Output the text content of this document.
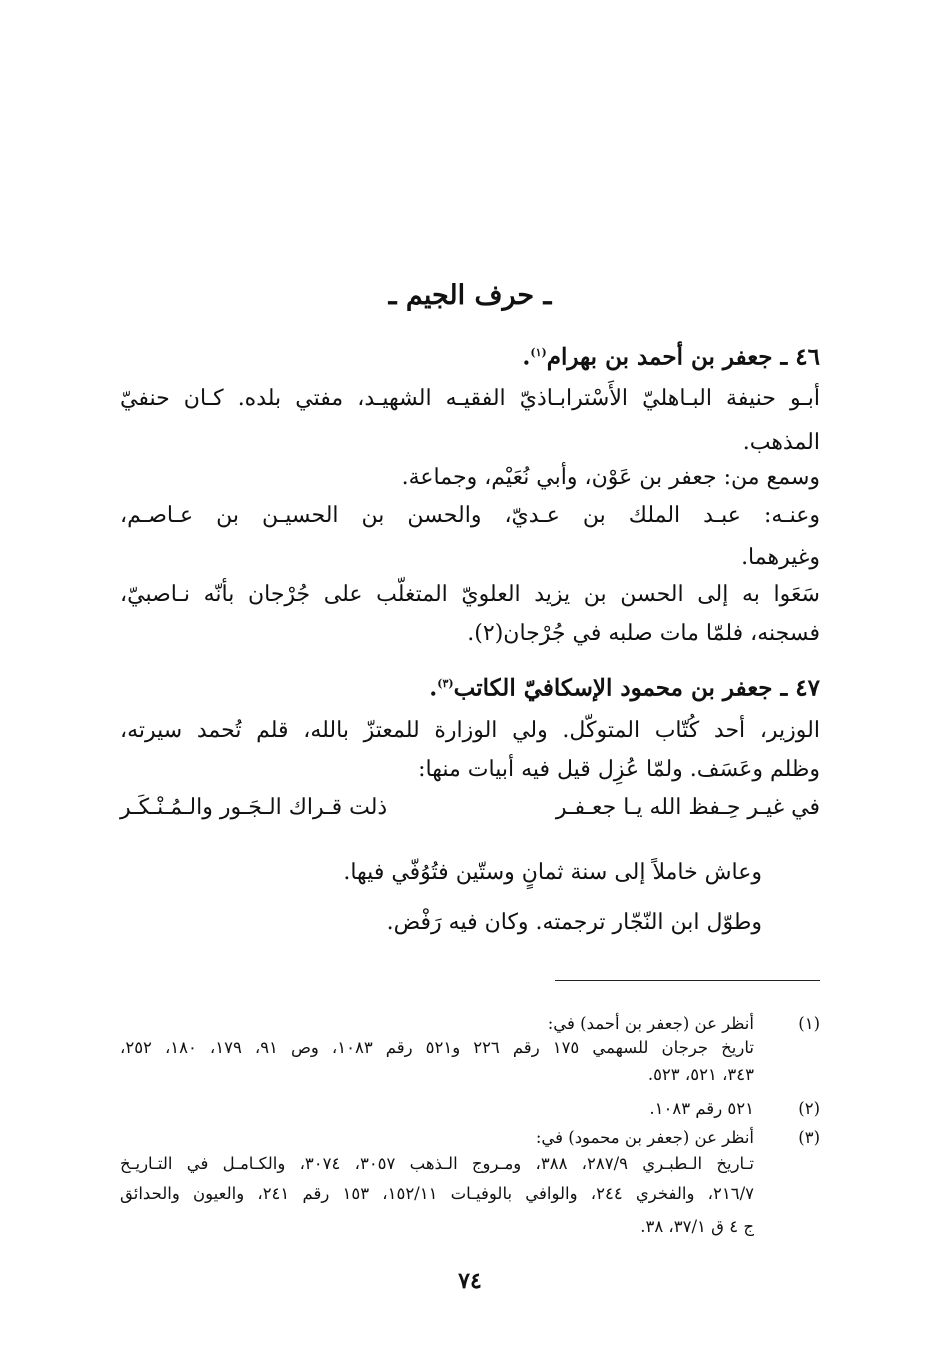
ـ حرف الجيم ـ
٤٦ ـ جعفر بن أحمد بن بهرام$^{(١)}$.
أبـو حنيفة البـاهليّ الأَسْترابـاذيّ الفقيـه الشهيـد، مفتي بلده. كـان حنفيّ
المذهب.
وسمع من: جعفر بن عَوْن، وأبي نُعَيْم، وجماعة.
وعنـه: عبـد الملك بن عـديّ، والحسن بن الحسيـن بن عـاصـم،
وغيرهما.
سَعَوا به إلى الحسن بن يزيد العلويّ المتغلّب على جُرْجان بأنّه نـاصبيّ،
فسجنه، فلمّا مات صلبه في جُرْجان(٢).
٤٧ ـ جعفر بن محمود الإسكافيّ الكاتب$^{(٣)}$.
الوزير، أحد كُتّاب المتوكّل. ولي الوزارة للمعتزّ بالله، قلم تُحمد سيرته،
وظلم وعَسَف. ولمّا عُزِل قيل فيه أبيات منها:
في غيـر حِـفظ الله يـا جعـفـر
ذلت قـراك الـجَـور والـمُـنْـكَـر
وعاش خاملاً إلى سنة ثمانٍ وستّين فتُوُفّي فيها.
وطوّل ابن النّجّار ترجمته. وكان فيه رَفْض.
(١)
أنظر عن (جعفر بن أحمد) في:
تاريخ جرجان للسهمي ١٧٥ رقم ٢٢٦ و٥٢١ رقم ١٠٨٣، وص ٩١، ١٧٩، ١٨٠، ٢٥٢،
٣٤٣، ٥٢١، ٥٢٣.
(٢)
٥٢١ رقم ١٠٨٣.
(٣)
أنظر عن (جعفر بن محمود) في:
تـاريخ الـطبـري ٢٨٧/٩، ٣٨٨، ومـروج الـذهب ٣٠٥٧، ٣٠٧٤، والكـامـل في التـاريـخ
٢١٦/٧، والفخري ٢٤٤، والوافي بالوفيـات ١٥٢/١١، ١٥٣ رقم ٢٤١، والعيون والحدائق
ج ٤ ق ٣٧/١، ٣٨.
٧٤
